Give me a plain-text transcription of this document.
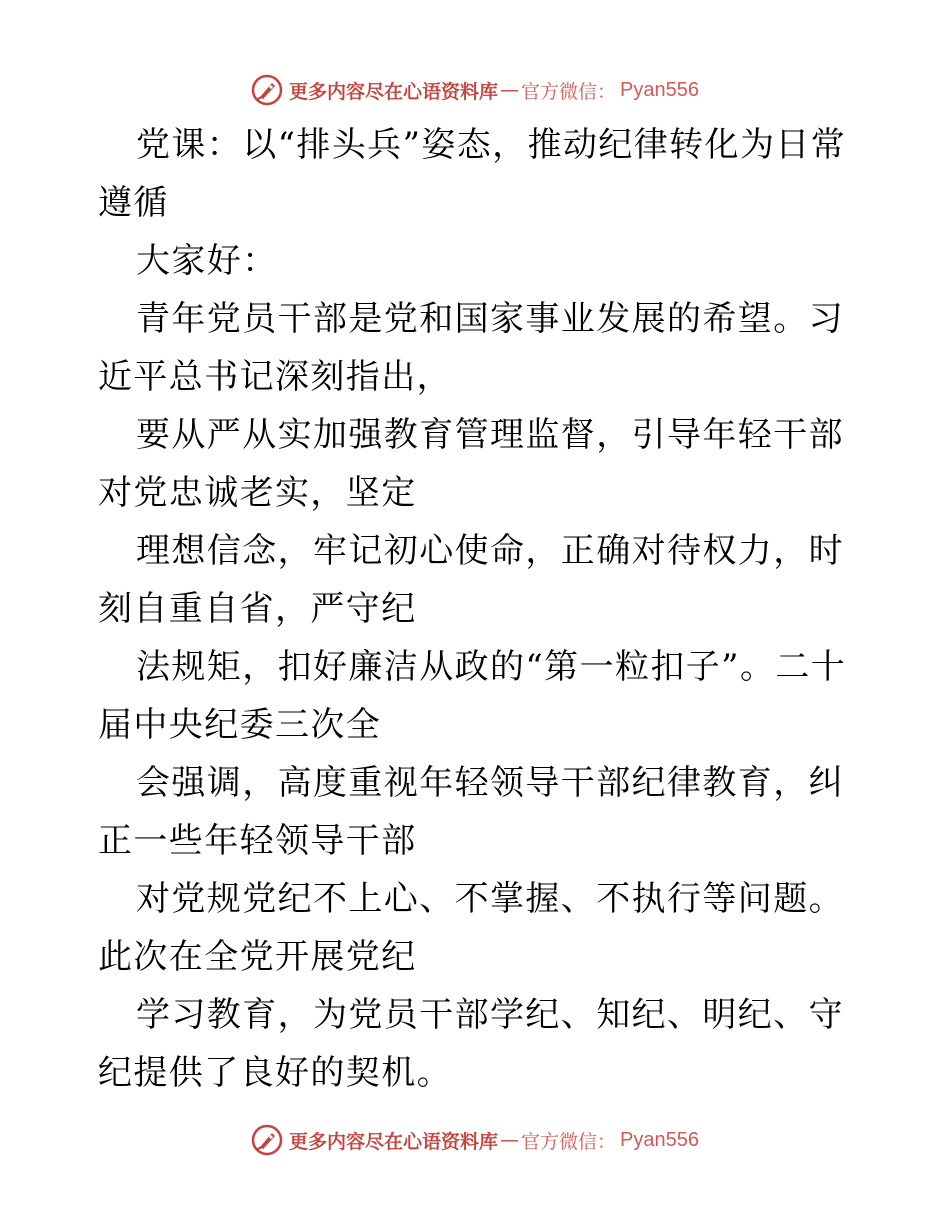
更多内容尽在心语资料库 — 官方微信： Pyan556

党课：以“排头兵”姿态，推动纪律转化为日常遵循

大家好：

青年党员干部是党和国家事业发展的希望。习近平总书记深刻指出，

要从严从实加强教育管理监督，引导年轻干部对党忠诚老实，坚定

理想信念，牢记初心使命，正确对待权力，时刻自重自省，严守纪

法规矩，扣好廉洁从政的“第一粒扣子”。二十届中央纪委三次全

会强调，高度重视年轻领导干部纪律教育，纠正一些年轻领导干部

对党规党纪不上心、不掌握、不执行等问题。此次在全党开展党纪

学习教育，为党员干部学纪、知纪、明纪、守纪提供了良好的契机。

更多内容尽在心语资料库 — 官方微信： Pyan556
